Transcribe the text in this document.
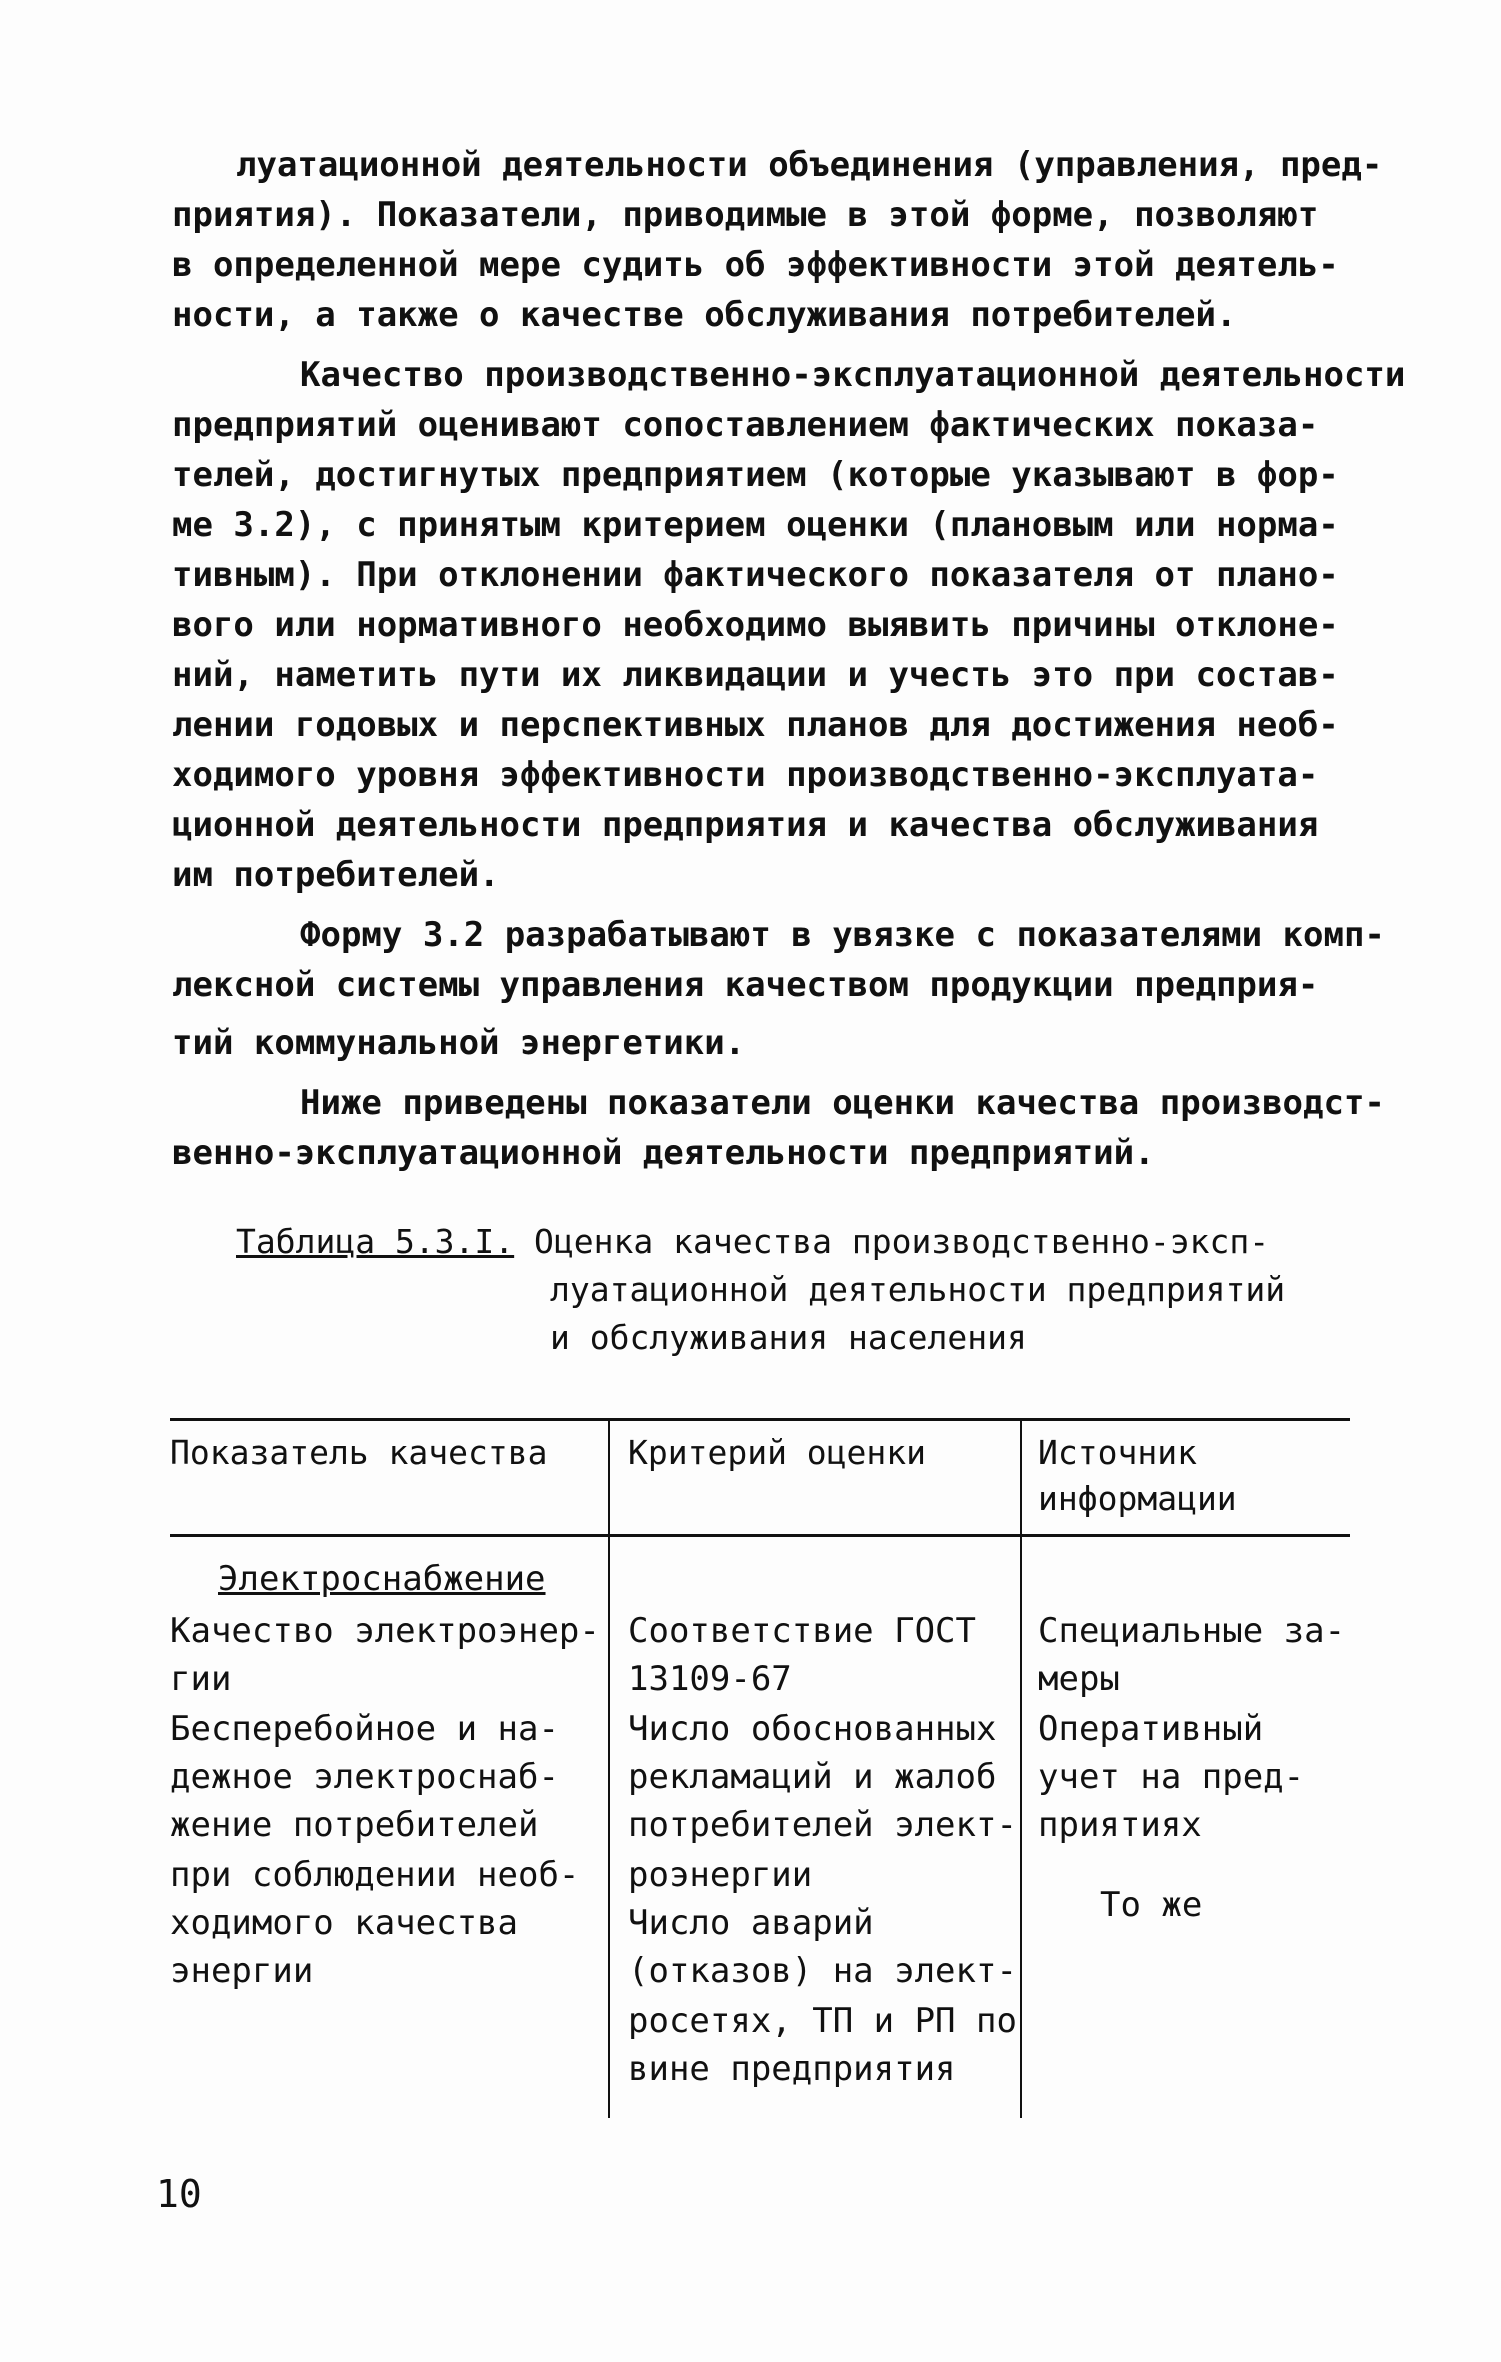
луатационной деятельности объединения (управления, пред-
приятия). Показатели, приводимые в этой форме, позволяют
в определенной мере судить об эффективности этой деятель-
ности, а также о качестве обслуживания потребителей.
Качество производственно-эксплуатационной деятельности
предприятий оценивают сопоставлением фактических показа-
телей, достигнутых предприятием (которые указывают в фор-
ме 3.2), с принятым критерием оценки (плановым или норма-
тивным). При отклонении фактического показателя от плано-
вого или нормативного необходимо выявить причины отклоне-
ний, наметить пути их ликвидации и учесть это при состав-
лении годовых и перспективных планов для достижения необ-
ходимого уровня эффективности производственно-эксплуата-
ционной деятельности предприятия и качества обслуживания
им потребителей.
Форму 3.2 разрабатывают в увязке с показателями комп-
лексной системы управления качеством продукции предприя-
тий коммунальной энергетики.
Ниже приведены показатели оценки качества производст-
венно-эксплуатационной деятельности предприятий.
Таблица 5.3.I. Оценка качества производственно-эксп-
луатационной деятельности предприятий
и обслуживания населения
Показатель качества Критерий оценки	Источник
информации
Электроснабжение
Качество электроэнер-
гии
Бесперебойное и на-
дежное электроснаб-
жение потребителей
при соблюдении необ-
ходимого качества
энергии
Соответствие ГОСТ
13109-67
Число обоснованных
рекламаций и жалоб
потребителей элект-
роэнергии
Число аварий
(отказов) на элект-
росетях, ТП и РП по
вине предприятия
Специальные за-
меры
Оперативный
учет на пред-
приятиях
То же
10
